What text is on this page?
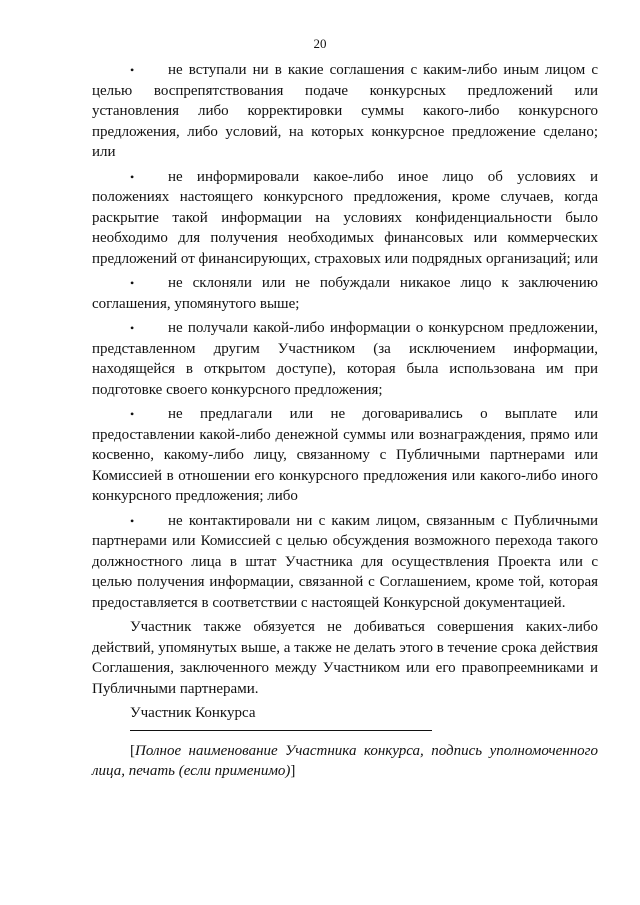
20

• не вступали ни в какие соглашения с каким-либо иным лицом с целью воспрепятствования подаче конкурсных предложений или установления либо корректировки суммы какого-либо конкурсного предложения, либо условий, на которых конкурсное предложение сделано; или

• не информировали какое-либо иное лицо об условиях и положениях настоящего конкурсного предложения, кроме случаев, когда раскрытие такой информации на условиях конфиденциальности было необходимо для получения необходимых финансовых или коммерческих предложений от финансирующих, страховых или подрядных организаций; или

• не склоняли или не побуждали никакое лицо к заключению соглашения, упомянутого выше;

• не получали какой-либо информации о конкурсном предложении, представленном другим Участником (за исключением информации, находящейся в открытом доступе), которая была использована им при подготовке своего конкурсного предложения;

• не предлагали или не договаривались о выплате или предоставлении какой-либо денежной суммы или вознаграждения, прямо или косвенно, какому-либо лицу, связанному с Публичными партнерами или Комиссией в отношении его конкурсного предложения или какого-либо иного конкурсного предложения; либо

• не контактировали ни с каким лицом, связанным с Публичными партнерами или Комиссией с целью обсуждения возможного перехода такого должностного лица в штат Участника для осуществления Проекта или с целью получения информации, связанной с Соглашением, кроме той, которая предоставляется в соответствии с настоящей Конкурсной документацией.

Участник также обязуется не добиваться совершения каких-либо действий, упомянутых выше, а также не делать этого в течение срока действия Соглашения, заключенного между Участником или его правопреемниками и Публичными партнерами.

Участник Конкурса

[Полное наименование Участника конкурса, подпись уполномоченного лица, печать (если применимо)]
